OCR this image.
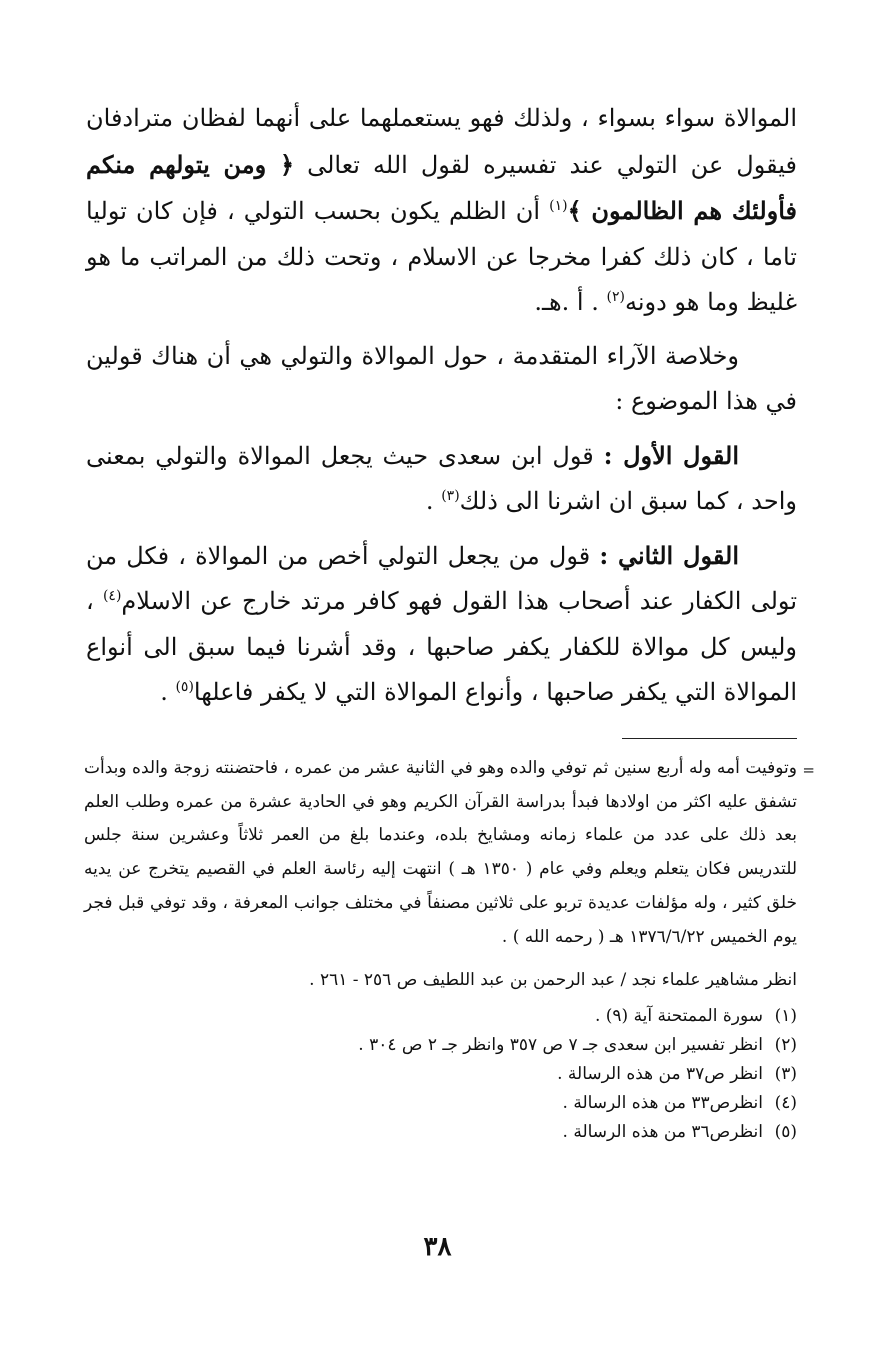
الموالاة سواء بسواء ، ولذلك فهو يستعملهما على أنهما لفظان مترادفان فيقول عن التولي عند تفسيره لقول الله تعالى ﴿ ومن يتولهم منكم فأولئك هم الظالمون ﴾$^{(١)}$ أن الظلم يكون بحسب التولي ، فإن كان توليا تاما ، كان ذلك كفرا مخرجا عن الاسلام ، وتحت ذلك من المراتب ما هو غليظ وما هو دونه$^{(٢)}$ . أ .هـ.

وخلاصة الآراء المتقدمة ، حول الموالاة والتولي هي أن هناك قولين في هذا الموضوع :

القول الأول : قول ابن سعدى حيث يجعل الموالاة والتولي بمعنى واحد ، كما سبق ان اشرنا الى ذلك$^{(٣)}$ .

القول الثاني : قول من يجعل التولي أخص من الموالاة ، فكل من تولى الكفار عند أصحاب هذا القول فهو كافر مرتد خارج عن الاسلام$^{(٤)}$ ، وليس كل موالاة للكفار يكفر صاحبها ، وقد أشرنا فيما سبق الى أنواع الموالاة التي يكفر صاحبها ، وأنواع الموالاة التي لا يكفر فاعلها$^{(٥)}$ .

=
وتوفيت أمه وله أربع سنين ثم توفي والده وهو في الثانية عشر من عمره ، فاحتضنته زوجة والده وبدأت تشفق عليه اكثر من اولادها فبدأ بدراسة القرآن الكريم وهو في الحادية عشرة من عمره وطلب العلم بعد ذلك على عدد من علماء زمانه ومشايخ بلده، وعندما بلغ من العمر ثلاثاً وعشرين سنة جلس للتدريس فكان يتعلم ويعلم وفي عام ( ١٣٥٠ هـ ) انتهت إليه رئاسة العلم في القصيم يتخرج عن يديه خلق كثير ، وله مؤلفات عديدة تربو على ثلاثين مصنفاً في مختلف جوانب المعرفة ، وقد توفي قبل فجر يوم الخميس ١٣٧٦/٦/٢٢ هـ ( رحمه الله ) .
انظر مشاهير علماء نجد / عبد الرحمن بن عبد اللطيف ص ٢٥٦ - ٢٦١ .
(١)
سورة الممتحنة آية (٩) .
(٢)
انظر تفسير ابن سعدى جـ ٧ ص ٣٥٧ وانظر جـ ٢ ص ٣٠٤ .
(٣)
انظر ص٣٧ من هذه الرسالة .
(٤)
انظرص٣٣ من هذه الرسالة .
(٥)
انظرص٣٦ من هذه الرسالة .
٣٨
